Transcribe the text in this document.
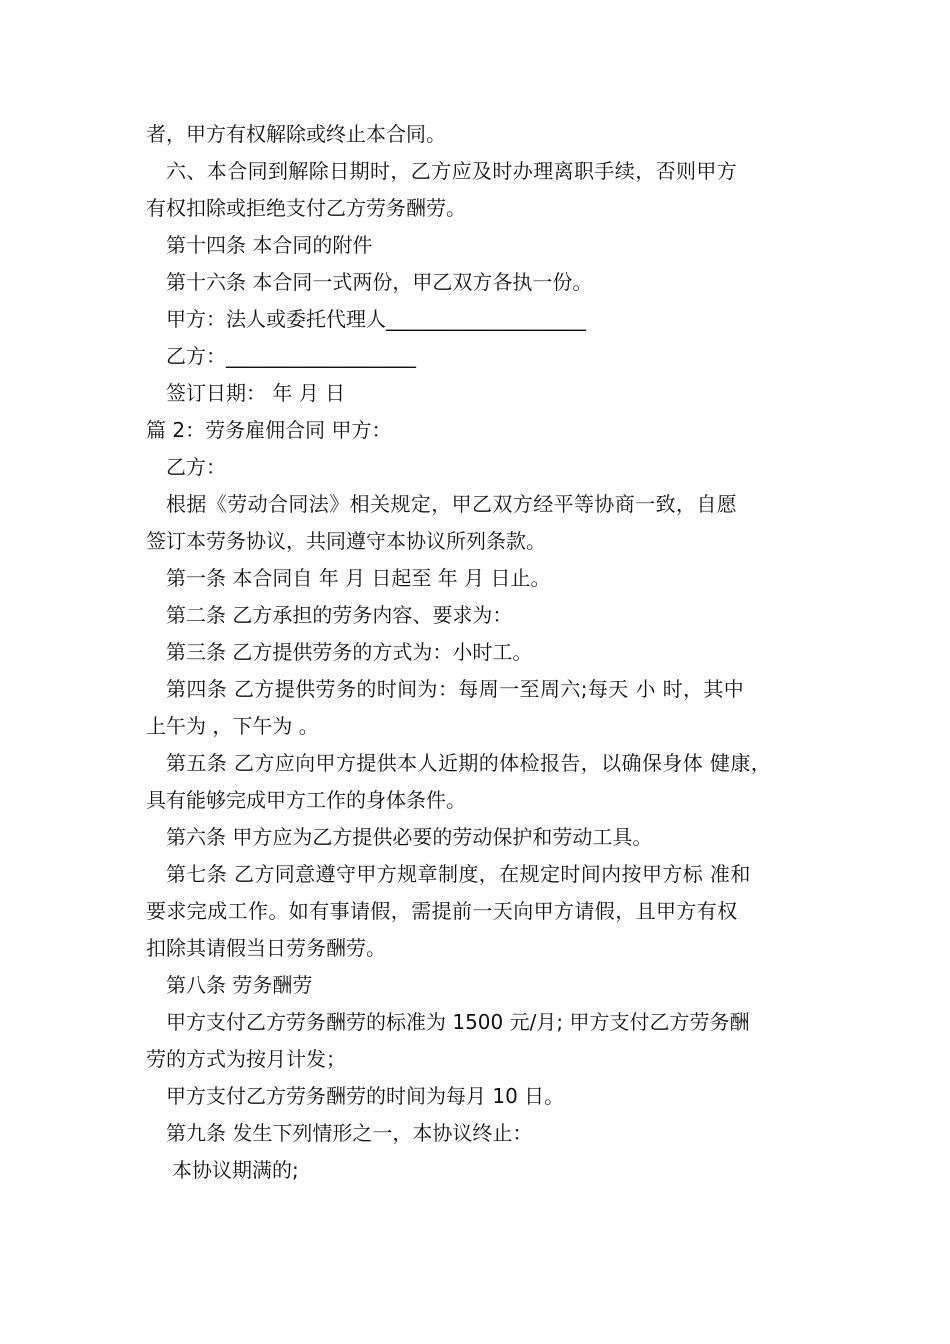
者，甲方有权解除或终止本合同。
六、本合同到解除日期时，乙方应及时办理离职手续，否则甲方
有权扣除或拒绝支付乙方劳务酬劳。
第十四条 本合同的附件
第十六条 本合同一式两份，甲乙双方各执一份。
甲方：法人或委托代理人____________________
乙方：___________________
签订日期： 年 月 日
篇 2：劳务雇佣合同 甲方：
乙方：
根据《劳动合同法》相关规定，甲乙双方经平等协商一致，自愿
签订本劳务协议，共同遵守本协议所列条款。
第一条 本合同自 年 月 日起至 年 月 日止。
第二条 乙方承担的劳务内容、要求为：
第三条 乙方提供劳务的方式为：小时工。
第四条 乙方提供劳务的时间为：每周一至周六;每天 小 时，其中
上午为 ，下午为 。
第五条 乙方应向甲方提供本人近期的体检报告，以确保身体 健康，
具有能够完成甲方工作的身体条件。
第六条 甲方应为乙方提供必要的劳动保护和劳动工具。
第七条 乙方同意遵守甲方规章制度，在规定时间内按甲方标 准和
要求完成工作。如有事请假，需提前一天向甲方请假，且甲方有权
扣除其请假当日劳务酬劳。
第八条 劳务酬劳
甲方支付乙方劳务酬劳的标准为 1500 元/月; 甲方支付乙方劳务酬
劳的方式为按月计发；
甲方支付乙方劳务酬劳的时间为每月 10 日。
第九条 发生下列情形之一，本协议终止：
本协议期满的;
